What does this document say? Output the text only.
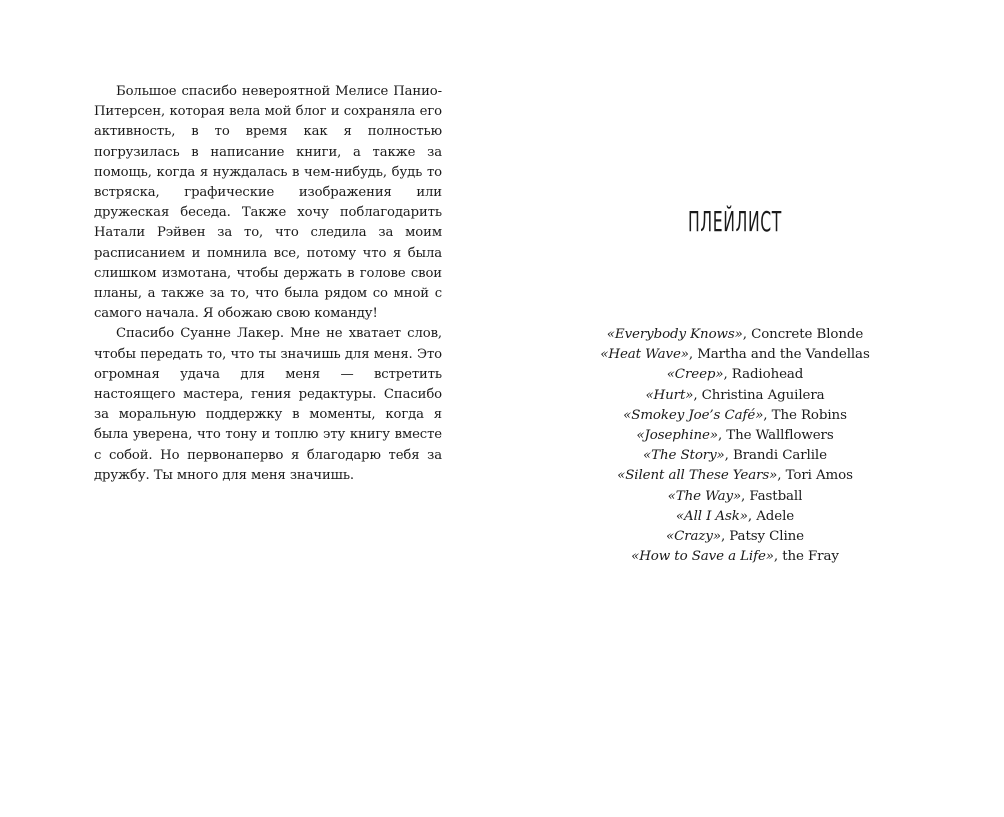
Большое спасибо невероятной Мелисе Панио-Питерсен, которая вела мой блог и сохраняла его активность, в то время как я полностью погрузилась в написание книги, а также за помощь, когда я нуждалась в чем-нибудь, будь то встряска, графические изображения или дружеская беседа. Также хочу поблагодарить Натали Рэйвен за то, что следила за моим расписанием и помнила все, потому что я была слишком измотана, чтобы держать в голове свои планы, а также за то, что была рядом со мной с самого начала. Я обожаю свою команду!

Спасибо Суанне Лакер. Мне не хватает слов, чтобы передать то, что ты значишь для меня. Это огромная удача для меня — встретить настоящего мастера, гения редактуры. Спасибо за моральную поддержку в моменты, когда я была уверена, что тону и топлю эту книгу вместе с собой. Но первонаперво я благодарю тебя за дружбу. Ты много для меня значишь.

ПЛЕЙЛИСТ
«Everybody Knows», Concrete Blonde
«Heat Wave», Martha and the Vandellas
«Creep», Radiohead
«Hurt», Christina Aguilera
«Smokey Joe’s Café», The Robins
«Josephine», The Wallflowers
«The Story», Brandi Carlile
«Silent all These Years», Tori Amos
«The Way», Fastball
«All I Ask», Adele
«Crazy», Patsy Cline
«How to Save a Life», the Fray
